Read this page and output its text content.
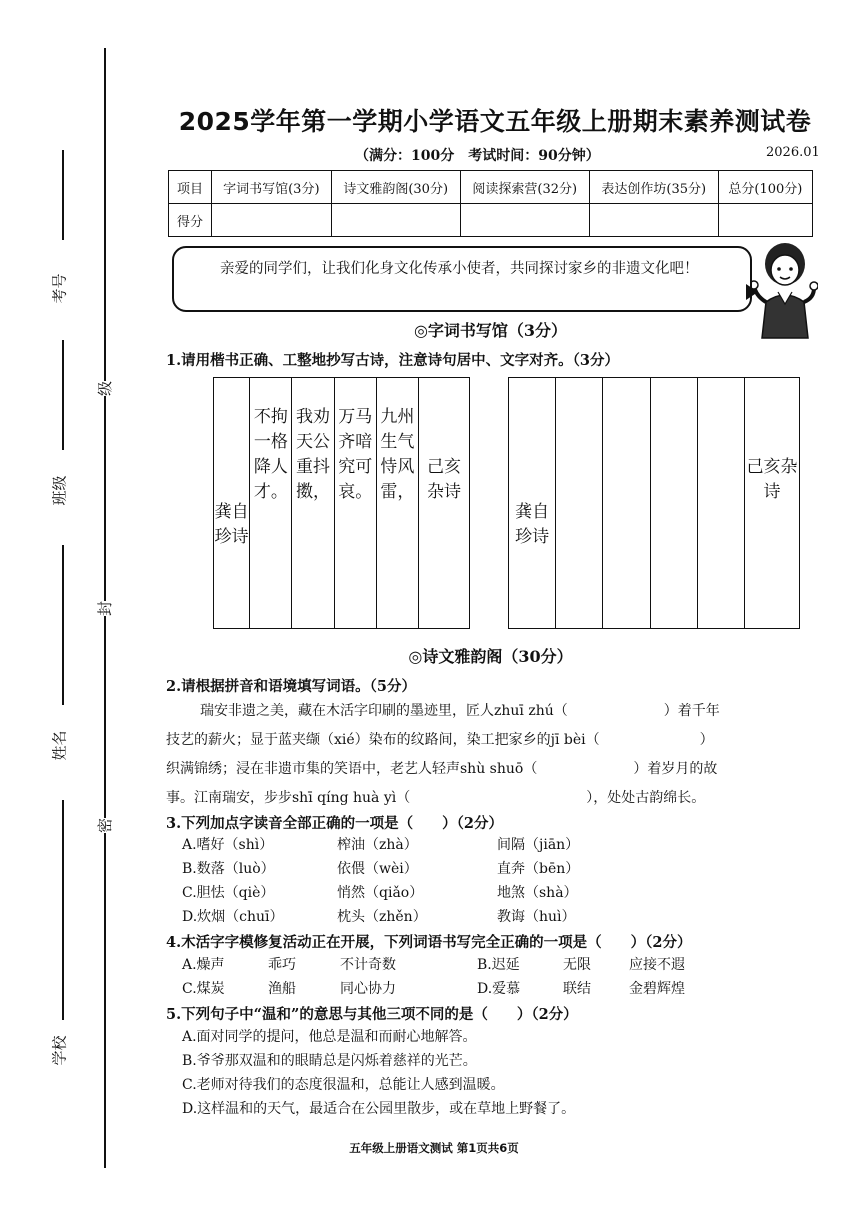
考号
班级
姓名
学校
级
封
密
2025学年第一学期小学语文五年级上册期末素养测试卷
（满分：100分　考试时间：90分钟）	2026.01
项目	字词书写馆(3分)	诗文雅韵阁(30分)	阅读探索营(32分)	表达创作坊(35分)	总分(100分)
得分					
亲爱的同学们，让我们化身文化传承小使者，共同探讨家乡的非遗文化吧！
◎字词书写馆（3分）
1.请用楷书正确、工整地抄写古诗，注意诗句居中、文字对齐。（3分）
龚自珍诗
不拘一格降人才。
我劝天公重抖擞，
万马齐喑究可哀。
九州生气恃风雷，
己亥杂诗
龚自珍诗
己亥杂诗
◎诗文雅韵阁（30分）
2.请根据拼音和语境填写词语。（5分）
瑞安非遗之美，藏在木活字印刷的墨迹里，匠人zhuī zhú（	）着千年
技艺的薪火；显于蓝夹缬（xié）染布的纹路间，染工把家乡的jī bèi（	）
织满锦绣；浸在非遗市集的笑语中，老艺人轻声shù shuō（	）着岁月的故
事。江南瑞安，步步shī qíng huà yì（	），处处古韵绵长。
3.下列加点字读音全部正确的一项是（　　）（2分）
A.嗜好（shì）	榨油（zhà）	间隔（jiān）
B.数落（luò）	依偎（wèi）	直奔（bēn）
C.胆怯（qiè）	悄然（qiǎo）	地煞（shà）
D.炊烟（chuī）	枕头（zhěn）	教诲（huì）
4.木活字字模修复活动正在开展，下列词语书写完全正确的一项是（　　）（2分）
A.燥声	乖巧	不计奇数	B.迟延	无限	应接不遐
C.煤炭	渔船	同心协力	D.爱慕	联结	金碧辉煌
5.下列句子中“温和”的意思与其他三项不同的是（　　）（2分）
A.面对同学的提问，他总是温和而耐心地解答。
B.爷爷那双温和的眼睛总是闪烁着慈祥的光芒。
C.老师对待我们的态度很温和，总能让人感到温暖。
D.这样温和的天气，最适合在公园里散步，或在草地上野餐了。
五年级上册语文测试 第1页共6页
